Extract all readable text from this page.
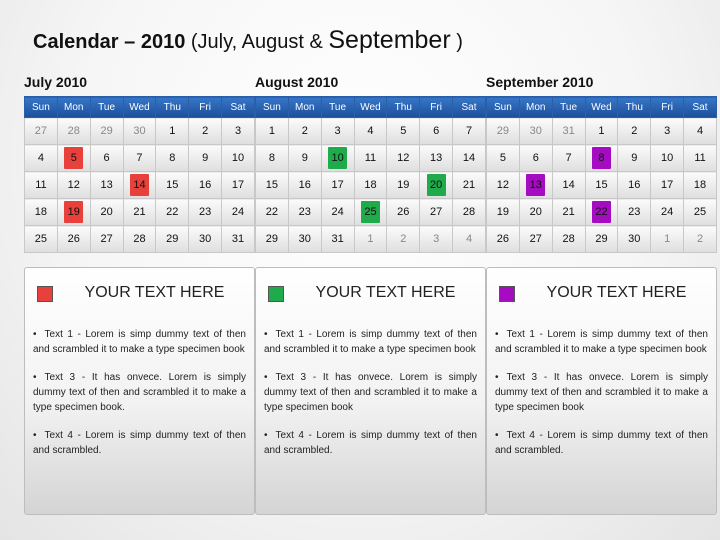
Calendar – 2010 (July, August & September )
July 2010
Sun	Mon	Tue	Wed	Thu	Fri	Sat
27	28	29	30	1	2	3
4	5	6	7	8	9	10
11	12	13	14	15	16	17
18	19	20	21	22	23	24
25	26	27	28	29	30	31
August 2010
Sun	Mon	Tue	Wed	Thu	Fri	Sat
1	2	3	4	5	6	7
8	9	10	11	12	13	14
15	16	17	18	19	20	21
22	23	24	25	26	27	28
29	30	31	1	2	3	4
September 2010
Sun	Mon	Tue	Wed	Thu	Fri	Sat
29	30	31	1	2	3	4
5	6	7	8	9	10	11
12	13	14	15	16	17	18
19	20	21	22	23	24	25
26	27	28	29	30	1	2
YOUR TEXT HERE
• Text 1 - Lorem is simp dummy text of then and scrambled it to make a type specimen book
• Text 3 - It has onvece. Lorem is simply dummy text of then and scrambled it to make a type specimen book.
• Text 4 - Lorem is simp dummy text of then and scrambled.
YOUR TEXT HERE
• Text 1 - Lorem is simp dummy text of then and scrambled it to make a type specimen book
• Text 3 - It has onvece. Lorem is simply dummy text of then and scrambled it to make a type specimen book
• Text 4 - Lorem is simp dummy text of then and scrambled.
YOUR TEXT HERE
• Text 1 - Lorem is simp dummy text of then and scrambled it to make a type specimen book
• Text 3 - It has onvece. Lorem is simply dummy text of then and scrambled it to make a type specimen book
• Text 4 - Lorem is simp dummy text of then and scrambled.
